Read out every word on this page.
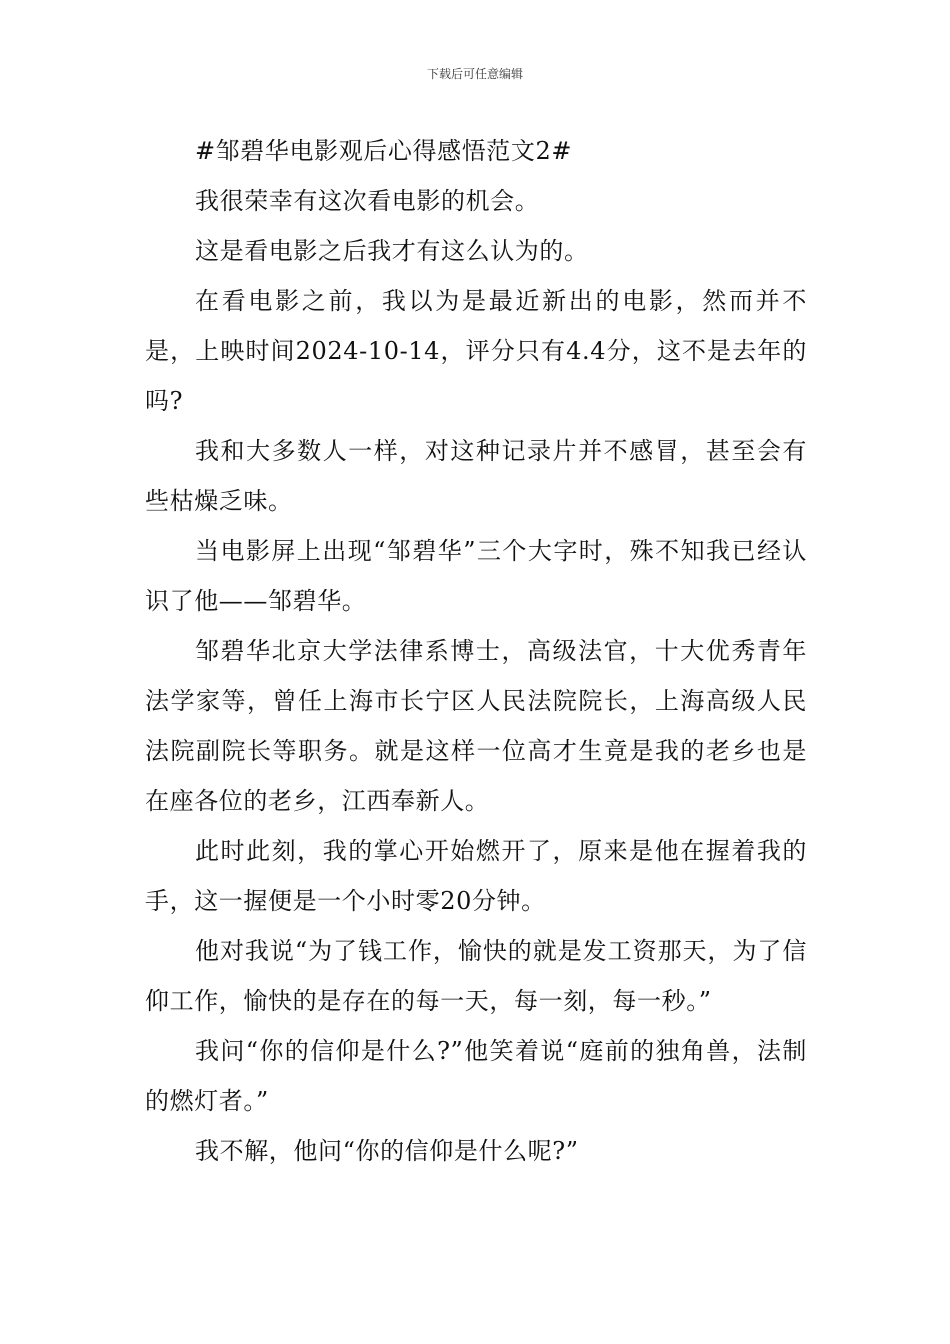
下载后可任意编辑

#邹碧华电影观后心得感悟范文2#

我很荣幸有这次看电影的机会。

这是看电影之后我才有这么认为的。

在看电影之前，我以为是最近新出的电影，然而并不是，上映时间2024-10-14，评分只有4.4分，这不是去年的吗?

我和大多数人一样，对这种记录片并不感冒，甚至会有些枯燥乏味。

当电影屏上出现“邹碧华”三个大字时，殊不知我已经认识了他——邹碧华。

邹碧华北京大学法律系博士，高级法官，十大优秀青年法学家等，曾任上海市长宁区人民法院院长，上海高级人民法院副院长等职务。就是这样一位高才生竟是我的老乡也是在座各位的老乡，江西奉新人。

此时此刻，我的掌心开始燃开了，原来是他在握着我的手，这一握便是一个小时零20分钟。

他对我说“为了钱工作，愉快的就是发工资那天，为了信仰工作，愉快的是存在的每一天，每一刻，每一秒。”

我问“你的信仰是什么?”他笑着说“庭前的独角兽，法制的燃灯者。”

我不解，他问“你的信仰是什么呢?”
